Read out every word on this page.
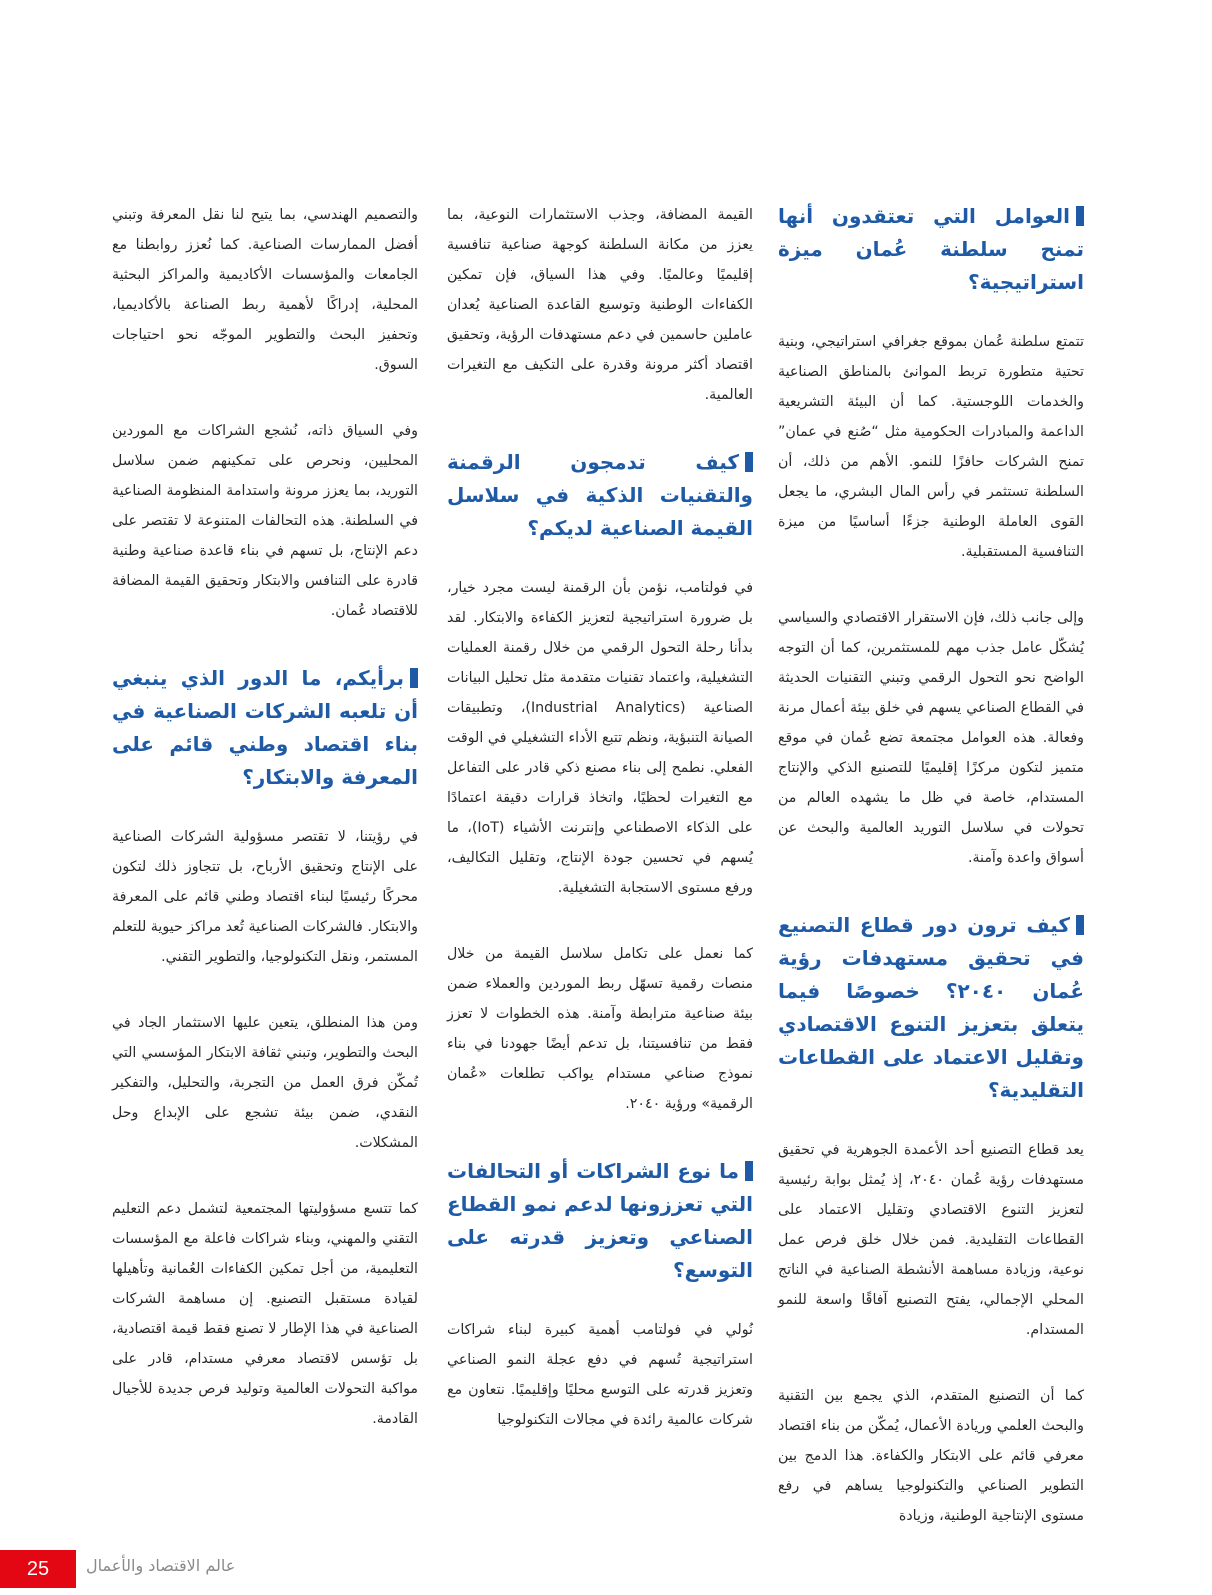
العوامل التي تعتقدون أنها تمنح سلطنة عُمان ميزة استراتيجية؟

تتمتع سلطنة عُمان بموقع جغرافي استراتيجي، وبنية تحتية متطورة تربط الموانئ بالمناطق الصناعية والخدمات اللوجستية. كما أن البيئة التشريعية الداعمة والمبادرات الحكومية مثل “صُنع في عمان” تمنح الشركات حافزًا للنمو. الأهم من ذلك، أن السلطنة تستثمر في رأس المال البشري، ما يجعل القوى العاملة الوطنية جزءًا أساسيًا من ميزة التنافسية المستقبلية.

وإلى جانب ذلك، فإن الاستقرار الاقتصادي والسياسي يُشكّل عامل جذب مهم للمستثمرين، كما أن التوجه الواضح نحو التحول الرقمي وتبني التقنيات الحديثة في القطاع الصناعي يسهم في خلق بيئة أعمال مرنة وفعالة. هذه العوامل مجتمعة تضع عُمان في موقع متميز لتكون مركزًا إقليميًا للتصنيع الذكي والإنتاج المستدام، خاصة في ظل ما يشهده العالم من تحولات في سلاسل التوريد العالمية والبحث عن أسواق واعدة وآمنة.

كيف ترون دور قطاع التصنيع في تحقيق مستهدفات رؤية عُمان ٢٠٤٠؟ خصوصًا فيما يتعلق بتعزيز التنوع الاقتصادي وتقليل الاعتماد على القطاعات التقليدية؟

يعد قطاع التصنيع أحد الأعمدة الجوهرية في تحقيق مستهدفات رؤية عُمان ٢٠٤٠، إذ يُمثل بوابة رئيسية لتعزيز التنوع الاقتصادي وتقليل الاعتماد على القطاعات التقليدية. فمن خلال خلق فرص عمل نوعية، وزيادة مساهمة الأنشطة الصناعية في الناتج المحلي الإجمالي، يفتح التصنيع آفاقًا واسعة للنمو المستدام.

كما أن التصنيع المتقدم، الذي يجمع بين التقنية والبحث العلمي وريادة الأعمال، يُمكّن من بناء اقتصاد معرفي قائم على الابتكار والكفاءة. هذا الدمج بين التطوير الصناعي والتكنولوجيا يساهم في رفع مستوى الإنتاجية الوطنية، وزيادة

القيمة المضافة، وجذب الاستثمارات النوعية، بما يعزز من مكانة السلطنة كوجهة صناعية تنافسية إقليميًا وعالميًا. وفي هذا السياق، فإن تمكين الكفاءات الوطنية وتوسيع القاعدة الصناعية يُعدان عاملين حاسمين في دعم مستهدفات الرؤية، وتحقيق اقتصاد أكثر مرونة وقدرة على التكيف مع التغيرات العالمية.

كيف تدمجون الرقمنة والتقنيات الذكية في سلاسل القيمة الصناعية لديكم؟

في فولتامب، نؤمن بأن الرقمنة ليست مجرد خيار، بل ضرورة استراتيجية لتعزيز الكفاءة والابتكار. لقد بدأنا رحلة التحول الرقمي من خلال رقمنة العمليات التشغيلية، واعتماد تقنيات متقدمة مثل تحليل البيانات الصناعية (Industrial Analytics)، وتطبيقات الصيانة التنبؤية، ونظم تتبع الأداء التشغيلي في الوقت الفعلي. نطمح إلى بناء مصنع ذكي قادر على التفاعل مع التغيرات لحظيًا، واتخاذ قرارات دقيقة اعتمادًا على الذكاء الاصطناعي وإنترنت الأشياء (IoT)، ما يُسهم في تحسين جودة الإنتاج، وتقليل التكاليف، ورفع مستوى الاستجابة التشغيلية.

كما نعمل على تكامل سلاسل القيمة من خلال منصات رقمية تسهّل ربط الموردين والعملاء ضمن بيئة صناعية مترابطة وآمنة. هذه الخطوات لا تعزز فقط من تنافسيتنا، بل تدعم أيضًا جهودنا في بناء نموذج صناعي مستدام يواكب تطلعات «عُمان الرقمية» ورؤية ٢٠٤٠.

ما نوع الشراكات أو التحالفات التي تعززونها لدعم نمو القطاع الصناعي وتعزيز قدرته على التوسع؟

نُولي في فولتامب أهمية كبيرة لبناء شراكات استراتيجية تُسهم في دفع عجلة النمو الصناعي وتعزيز قدرته على التوسع محليًا وإقليميًا. نتعاون مع شركات عالمية رائدة في مجالات التكنولوجيا

والتصميم الهندسي، بما يتيح لنا نقل المعرفة وتبني أفضل الممارسات الصناعية. كما نُعزز روابطنا مع الجامعات والمؤسسات الأكاديمية والمراكز البحثية المحلية، إدراكًا لأهمية ربط الصناعة بالأكاديميا، وتحفيز البحث والتطوير الموجّه نحو احتياجات السوق.

وفي السياق ذاته، نُشجع الشراكات مع الموردين المحليين، ونحرص على تمكينهم ضمن سلاسل التوريد، بما يعزز مرونة واستدامة المنظومة الصناعية في السلطنة. هذه التحالفات المتنوعة لا تقتصر على دعم الإنتاج، بل تسهم في بناء قاعدة صناعية وطنية قادرة على التنافس والابتكار وتحقيق القيمة المضافة للاقتصاد عُمان.

برأيكم، ما الدور الذي ينبغي أن تلعبه الشركات الصناعية في بناء اقتصاد وطني قائم على المعرفة والابتكار؟

في رؤيتنا، لا تقتصر مسؤولية الشركات الصناعية على الإنتاج وتحقيق الأرباح، بل تتجاوز ذلك لتكون محركًا رئيسيًا لبناء اقتصاد وطني قائم على المعرفة والابتكار. فالشركات الصناعية تُعد مراكز حيوية للتعلم المستمر، ونقل التكنولوجيا، والتطوير التقني.

ومن هذا المنطلق، يتعين عليها الاستثمار الجاد في البحث والتطوير، وتبني ثقافة الابتكار المؤسسي التي تُمكّن فرق العمل من التجربة، والتحليل، والتفكير النقدي، ضمن بيئة تشجع على الإبداع وحل المشكلات.

كما تتسع مسؤوليتها المجتمعية لتشمل دعم التعليم التقني والمهني، وبناء شراكات فاعلة مع المؤسسات التعليمية، من أجل تمكين الكفاءات العُمانية وتأهيلها لقيادة مستقبل التصنيع. إن مساهمة الشركات الصناعية في هذا الإطار لا تصنع فقط قيمة اقتصادية، بل تؤسس لاقتصاد معرفي مستدام، قادر على مواكبة التحولات العالمية وتوليد فرص جديدة للأجيال القادمة.

25	عالم الاقتصاد والأعمال
